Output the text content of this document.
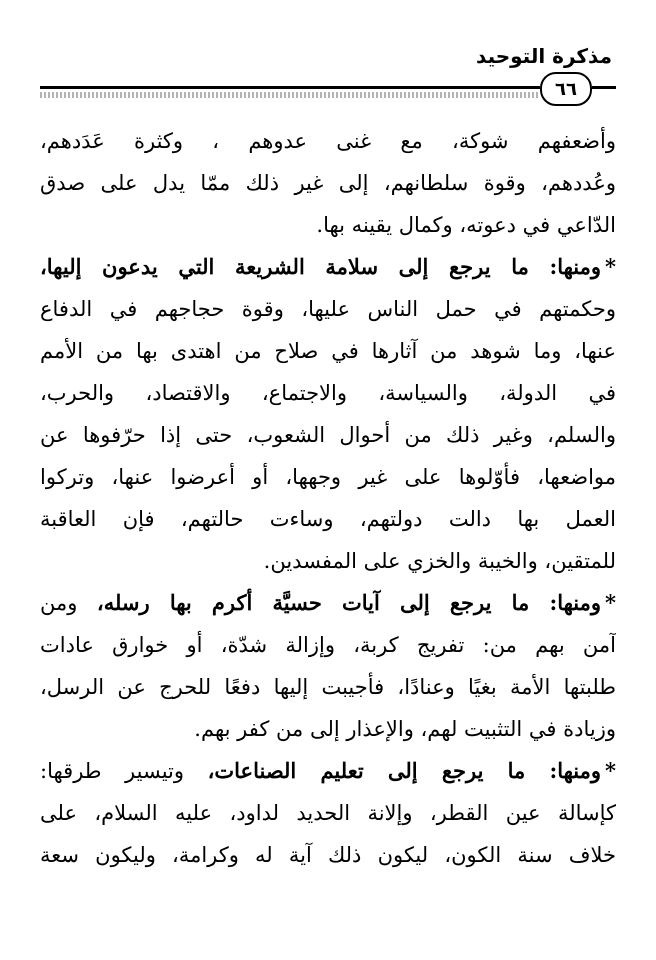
مذكرة التوحيد
٦٦
وأضعفهم شوكة، مع غنى عدوهم ، وكثرة عَدَدهم،
وعُددهم، وقوة سلطانهم، إلى غير ذلك ممّا يدل على صدق
الدّاعي في دعوته، وكمال يقينه بها.
*ومنها: ما يرجع إلى سلامة الشريعة التي يدعون إليها،
وحكمتهم في حمل الناس عليها، وقوة حجاجهم في الدفاع
عنها، وما شوهد من آثارها في صلاح من اهتدى بها من الأمم
في الدولة، والسياسة، والاجتماع، والاقتصاد، والحرب،
والسلم، وغير ذلك من أحوال الشعوب، حتى إذا حرّفوها عن
مواضعها، فأوّلوها على غير وجهها، أو أعرضوا عنها، وتركوا
العمل بها دالت دولتهم، وساءت حالتهم، فإن العاقبة
للمتقين، والخيبة والخزي على المفسدين.
*ومنها: ما يرجع إلى آيات حسيَّة أكرم بها رسله، ومن
آمن بهم من: تفريج كربة، وإزالة شدّة، أو خوارق عادات
طلبتها الأمة بغيًا وعنادًا، فأجيبت إليها دفعًا للحرج عن الرسل،
وزيادة في التثبيت لهم، والإعذار إلى من كفر بهم.
*ومنها: ما يرجع إلى تعليم الصناعات، وتيسير طرقها:
كإسالة عين القطر، وإلانة الحديد لداود، عليه السلام، على
خلاف سنة الكون، ليكون ذلك آية له وكرامة، وليكون سعة
